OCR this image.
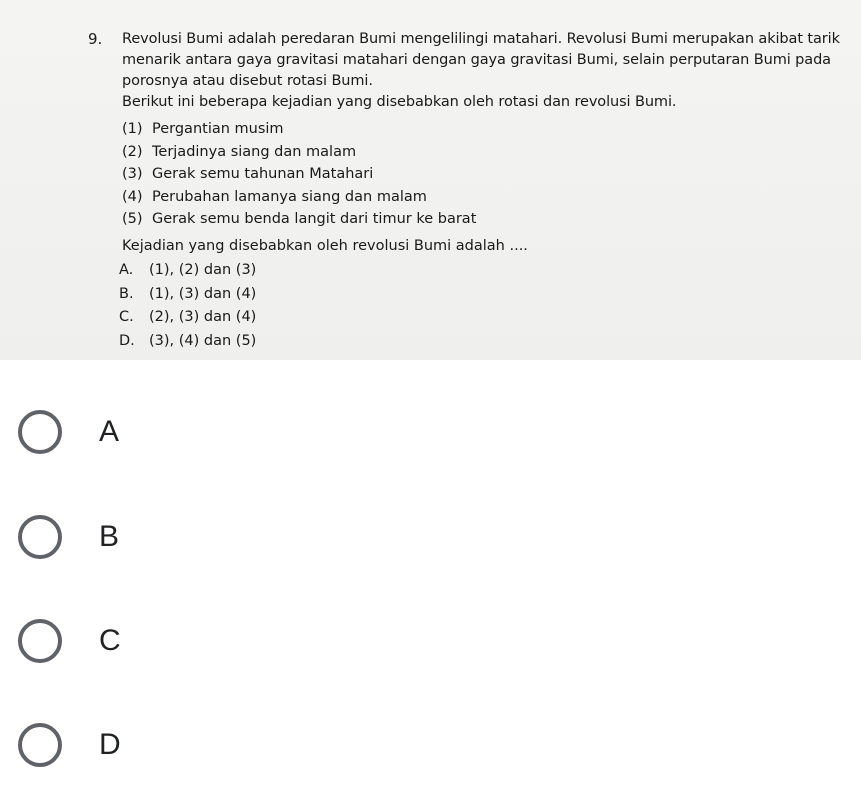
9. Revolusi Bumi adalah peredaran Bumi mengelilingi matahari. Revolusi Bumi merupakan akibat tarik menarik antara gaya gravitasi matahari dengan gaya gravitasi Bumi, selain perputaran Bumi pada porosnya atau disebut rotasi Bumi.

Berikut ini beberapa kejadian yang disebabkan oleh rotasi dan revolusi Bumi.

(1) Pergantian musim
(2) Terjadinya siang dan malam
(3) Gerak semu tahunan Matahari
(4) Perubahan lamanya siang dan malam
(5) Gerak semu benda langit dari timur ke barat
Kejadian yang disebabkan oleh revolusi Bumi adalah ....
A.	(1), (2) dan (3)
B.	(1), (3) dan (4)
C.	(2), (3) dan (4)
D. (3), (4) dan (5)
A
B
C
D
